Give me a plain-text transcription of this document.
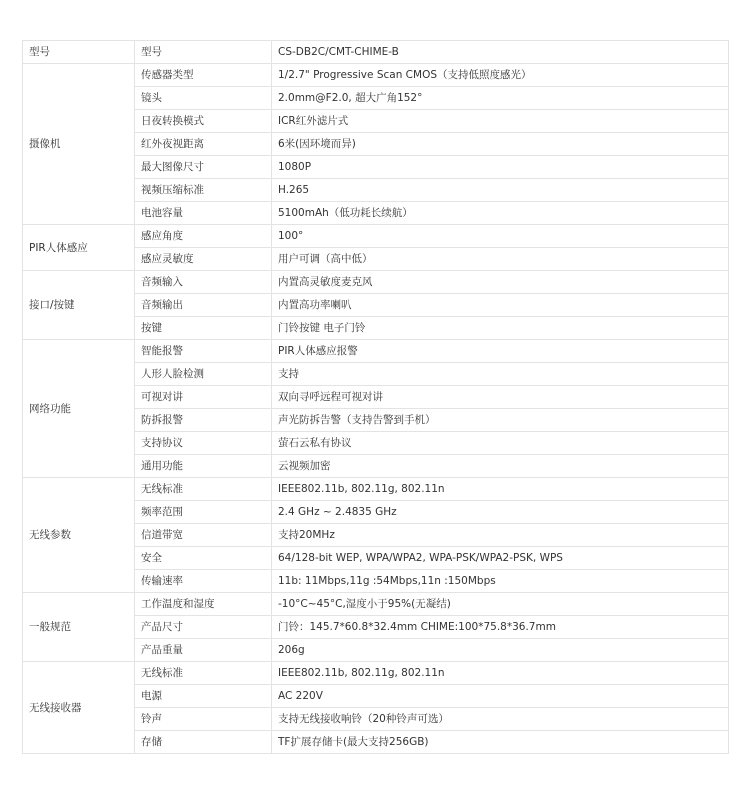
型号	型号	CS-DB2C/CMT-CHIME-B
摄像机	传感器类型	1/2.7" Progressive Scan CMOS（支持低照度感光）
	镜头	2.0mm@F2.0, 超大广角152°
	日夜转换模式	ICR红外滤片式
	红外夜视距离	6米(因环境而异)
	最大图像尺寸	1080P
	视频压缩标准	H.265
	电池容量	5100mAh（低功耗长续航）
PIR人体感应	感应角度	100°
	感应灵敏度	用户可调（高中低）
接口/按键	音频输入	内置高灵敏度麦克风
	音频输出	内置高功率喇叭
	按键	门铃按键 电子门铃
网络功能	智能报警	PIR人体感应报警
	人形人脸检测	支持
	可视对讲	双向寻呼远程可视对讲
	防拆报警	声光防拆告警（支持告警到手机）
	支持协议	萤石云私有协议
	通用功能	云视频加密
无线参数	无线标准	IEEE802.11b, 802.11g, 802.11n
	频率范围	2.4 GHz ~ 2.4835 GHz
	信道带宽	支持20MHz
	安全	64/128-bit WEP, WPA/WPA2, WPA-PSK/WPA2-PSK, WPS
	传输速率	11b: 11Mbps,11g :54Mbps,11n :150Mbps
一般规范	工作温度和湿度	-10°C~45°C,湿度小于95%(无凝结)
	产品尺寸	门铃：145.7*60.8*32.4mm CHIME:100*75.8*36.7mm
	产品重量	206g
无线接收器	无线标准	IEEE802.11b, 802.11g, 802.11n
	电源	AC 220V
	铃声	支持无线接收响铃（20种铃声可选）
	存储	TF扩展存储卡(最大支持256GB)
